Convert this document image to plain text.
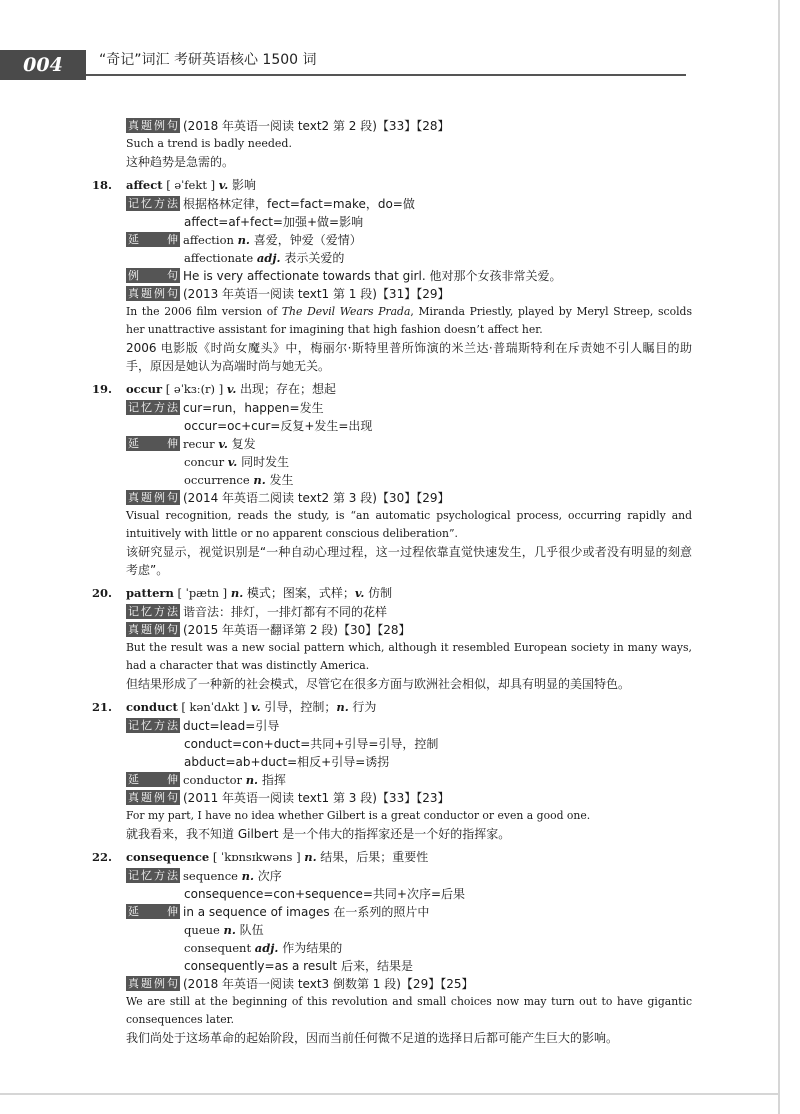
004	“奇记”词汇 考研英语核心 1500 词
真题例句 (2018 年英语一阅读 text2 第 2 段)【33】【28】
Such a trend is badly needed.
这种趋势是急需的。
18. affect [ əˈfekt ] v. 影响
记忆方法 根据格林定律，fect=fact=make，do=做
affect=af+fect=加强+做=影响
延伸 affection n. 喜爱，钟爱（爱情）
affectionate adj. 表示关爱的
例句 He is very affectionate towards that girl. 他对那个女孩非常关爱。
真题例句 (2013 年英语一阅读 text1 第 1 段)【31】【29】
In the 2006 film version of The Devil Wears Prada, Miranda Priestly, played by Meryl Streep, scolds her unattractive assistant for imagining that high fashion doesn’t affect her.
2006 电影版《时尚女魔头》中，梅丽尔·斯特里普所饰演的米兰达·普瑞斯特利在斥责她不引人瞩目的助手，原因是她认为高端时尚与她无关。
19. occur [ əˈkɜː(r) ] v. 出现；存在；想起
记忆方法 cur=run，happen=发生
occur=oc+cur=反复+发生=出现
延伸 recur v. 复发
concur v. 同时发生
occurrence n. 发生
真题例句 (2014 年英语二阅读 text2 第 3 段)【30】【29】
Visual recognition, reads the study, is “an automatic psychological process, occurring rapidly and intuitively with little or no apparent conscious deliberation”.
该研究显示，视觉识别是“一种自动心理过程，这一过程依靠直觉快速发生，几乎很少或者没有明显的刻意考虑”。
20. pattern [ ˈpætn ] n. 模式；图案，式样；v. 仿制
记忆方法 谐音法：排灯，一排灯都有不同的花样
真题例句 (2015 年英语一翻译第 2 段)【30】【28】
But the result was a new social pattern which, although it resembled European society in many ways, had a character that was distinctly America.
但结果形成了一种新的社会模式，尽管它在很多方面与欧洲社会相似，却具有明显的美国特色。
21. conduct [ kənˈdʌkt ] v. 引导，控制；n. 行为
记忆方法 duct=lead=引导
conduct=con+duct=共同+引导=引导，控制
abduct=ab+duct=相反+引导=诱拐
延伸 conductor n. 指挥
真题例句 (2011 年英语一阅读 text1 第 3 段)【33】【23】
For my part, I have no idea whether Gilbert is a great conductor or even a good one.
就我看来，我不知道 Gilbert 是一个伟大的指挥家还是一个好的指挥家。
22. consequence [ ˈkɒnsɪkwəns ] n. 结果，后果；重要性
记忆方法 sequence n. 次序
consequence=con+sequence=共同+次序=后果
延伸 in a sequence of images 在一系列的照片中
queue n. 队伍
consequent adj. 作为结果的
consequently=as a result 后来，结果是
真题例句 (2018 年英语一阅读 text3 倒数第 1 段)【29】【25】
We are still at the beginning of this revolution and small choices now may turn out to have gigantic consequences later.
我们尚处于这场革命的起始阶段，因而当前任何微不足道的选择日后都可能产生巨大的影响。
